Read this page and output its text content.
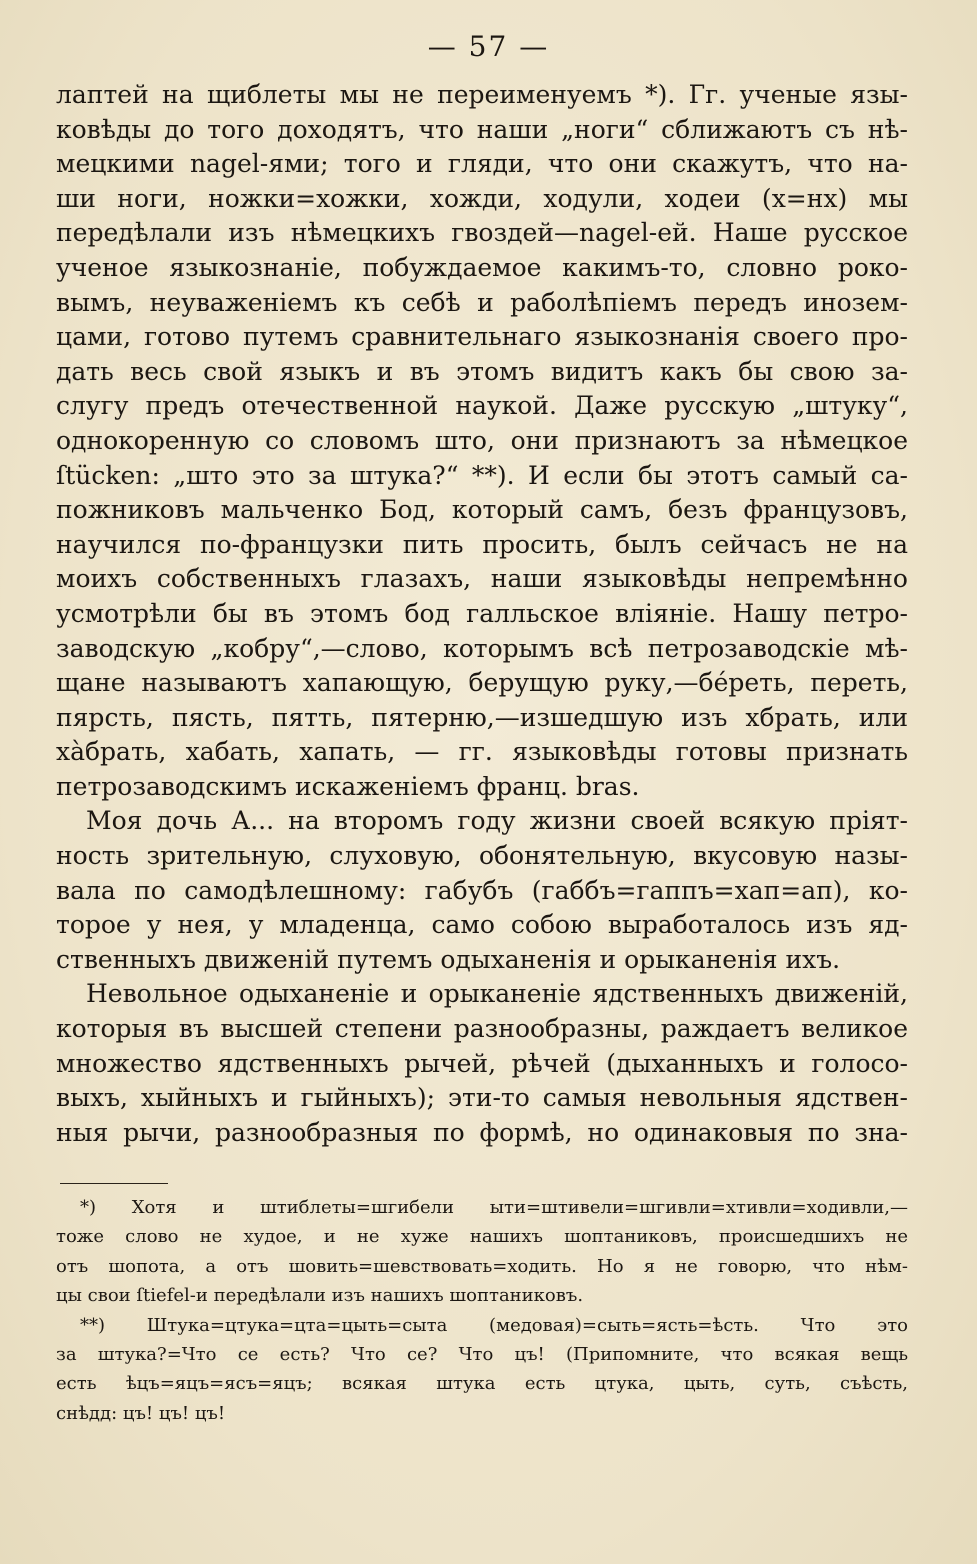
— 57 —
лаптей на щиблеты мы не переименуемъ *). Гг. ученые язы-
ковѣды до того доходятъ, что наши „ноги“ сближаютъ съ нѣ-
мецкими nagel-ями; того и гляди, что они скажутъ, что на-
ши ноги, ножки=хожки, хожди, ходули, ходеи (х=нх) мы
передѣлали изъ нѣмецкихъ гвоздей—nagel-ей. Наше русское
ученое языкознаніе, побуждаемое какимъ-то, словно роко-
вымъ, неуваженіемъ къ себѣ и раболѣпіемъ передъ инозем-
цами, готово путемъ сравнительнаго языкознанія своего про-
дать весь свой языкъ и въ этомъ видитъ какъ бы свою за-
слугу предъ отечественной наукой. Даже русскую „штуку“,
однокоренную со словомъ што, они признаютъ за нѣмецкое
ſtücken: „што это за штука?“ **). И если бы этотъ самый са-
пожниковъ мальченко Бод, который самъ, безъ французовъ,
научился по-французки пить просить, былъ сейчасъ не на
моихъ собственныхъ глазахъ, наши языковѣды непремѣнно
усмотрѣли бы въ этомъ бод галльское вліяніе. Нашу петро-
заводскую „кобру“,—слово, которымъ всѣ петрозаводскіе мѣ-
щане называютъ хапающую, берущую руку,—бéреть, переть,
пярсть, пясть, пятть, пятерню,—изшедшую изъ хбрать, или
хàбрать, хабать, хапать, — гг. языковѣды готовы признать
петрозаводскимъ искаженіемъ франц. bras.
Моя дочь А... на второмъ году жизни своей всякую пріят-
ность зрительную, слуховую, обонятельную, вкусовую назы-
вала по самодѣлешному: габубъ (габбъ=гаппъ=хап=ап), ко-
торое у нея, у младенца, само собою выработалось изъ яд-
ственныхъ движеній путемъ одыханенія и орыканенія ихъ.
Невольное одыханеніе и орыканеніе ядственныхъ движеній,
которыя въ высшей степени разнообразны, раждаетъ великое
множество ядственныхъ рычей, рѣчей (дыханныхъ и голосо-
выхъ, хыйныхъ и гыйныхъ); эти-то самыя невольныя ядствен-
ныя рычи, разнообразныя по формѣ, но одинаковыя по зна-
*) Хотя и штиблеты=шгибели ыти=штивели=шгивли=хтивли=ходивли,—
тоже слово не худое, и не хуже нашихъ шоптаниковъ, происшедшихъ не
отъ шопота, а отъ шовить=шевствовать=ходить. Но я не говорю, что нѣм-
цы свои ſtiefel-и передѣлали изъ нашихъ шоптаниковъ.
**) Штука=цтука=цта=цыть=сыта (медовая)=сыть=ясть=ѣсть. Что это
за штука?=Что се есть? Что се? Что цъ! (Припомните, что всякая вещь
есть ѣцъ=яцъ=ясъ=яцъ; всякая штука есть цтука, цыть, суть, съѣсть,
снѣдд: цъ! цъ! цъ!
